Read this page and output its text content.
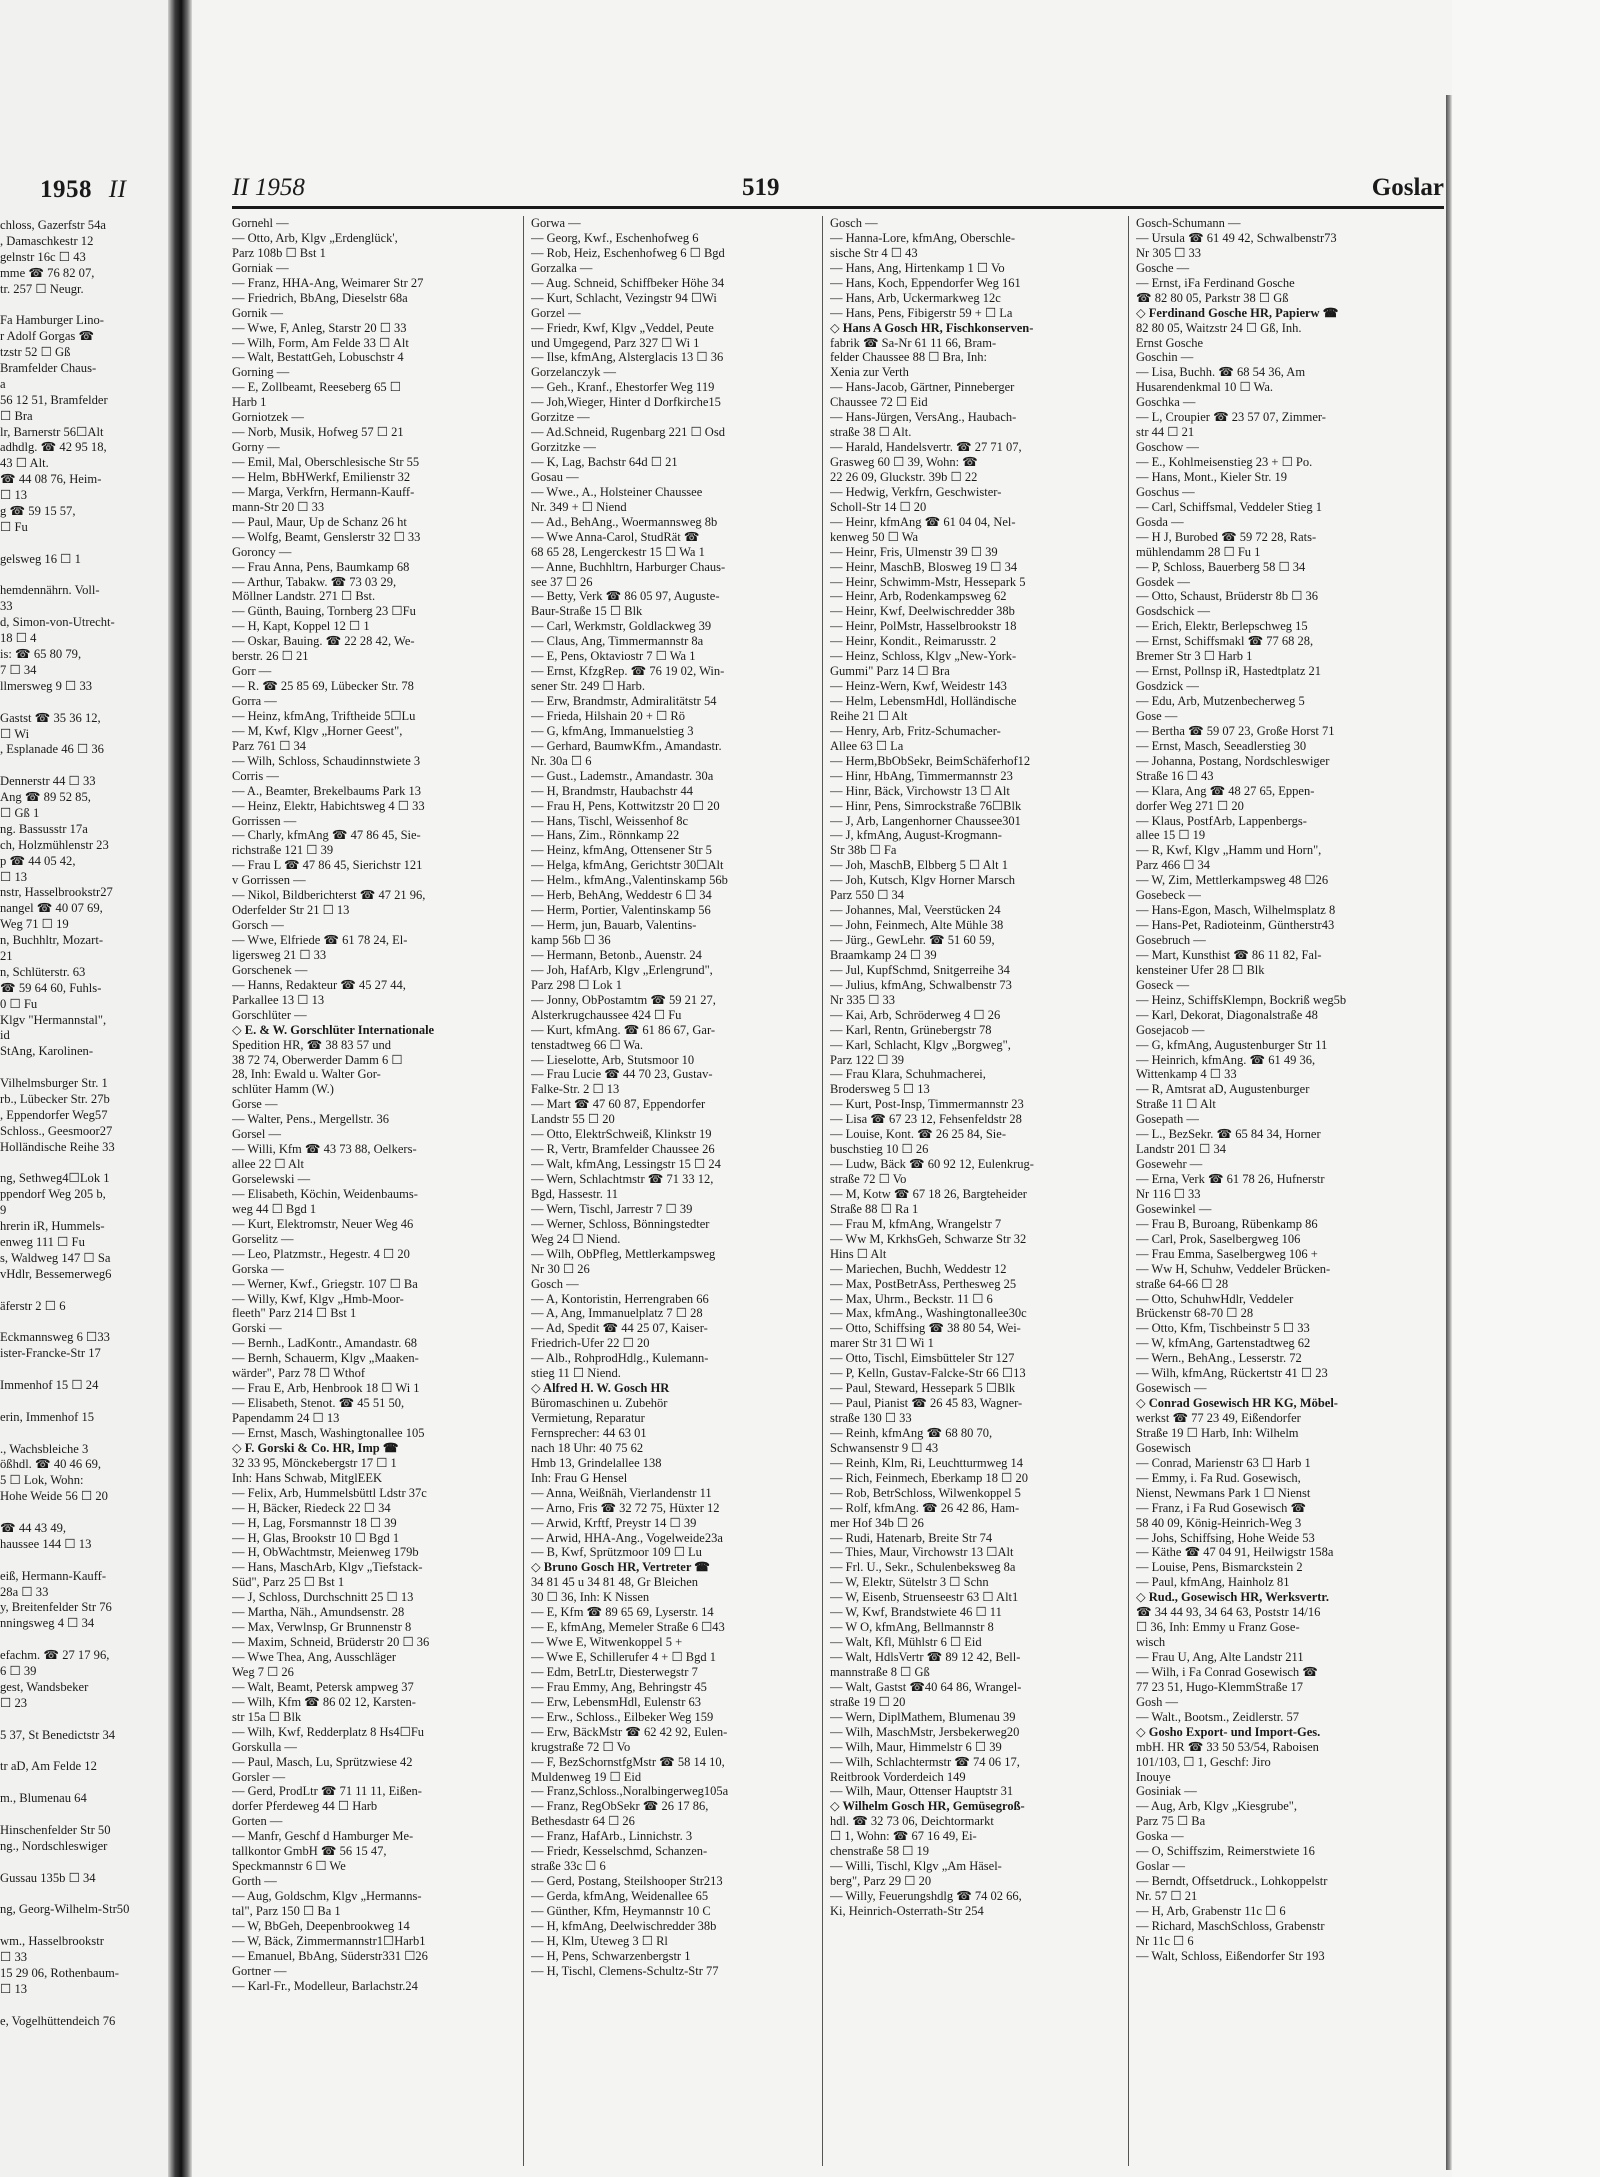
1958 II
chloss, Gazerfstr 54a
, Damaschkestr 12
gelnstr 16c ☐ 43
mme ☎ 76 82 07,
tr. 257 ☐ Neugr.
Fa Hamburger Lino-
r Adolf Gorgas ☎
tzstr 52 ☐ Gß
Bramfelder Chaus-
a
56 12 51, Bramfelder
☐ Bra
lr, Barnerstr 56☐Alt
adhdlg. ☎ 42 95 18,
43 ☐ Alt.
☎ 44 08 76, Heim-
☐ 13
g ☎ 59 15 57,
☐ Fu
gelsweg 16 ☐ 1
hemdennährn. Voll-
33
d, Simon-von-Utrecht-
18 ☐ 4
is: ☎ 65 80 79,
7 ☐ 34
llmersweg 9 ☐ 33
Gastst ☎ 35 36 12,
☐ Wi
, Esplanade 46 ☐ 36
Dennerstr 44 ☐ 33
Ang ☎ 89 52 85,
☐ Gß 1
ng. Bassusstr 17a
ch, Holzmühlenstr 23
p ☎ 44 05 42,
☐ 13
nstr, Hasselbrookstr27
nangel ☎ 40 07 69,
Weg 71 ☐ 19
n, Buchhltr, Mozart-
21
n, Schlüterstr. 63
☎ 59 64 60, Fuhls-
0 ☐ Fu
Klgv "Hermannstal",
id
StAng, Karolinen-
Vilhelmsburger Str. 1
rb., Lübecker Str. 27b
, Eppendorfer Weg57
Schloss., Geesmoor27
Holländische Reihe 33
ng, Sethweg4☐Lok 1
ppendorf Weg 205 b,
9
hrerin iR, Hummels-
enweg 111 ☐ Fu
s, Waldweg 147 ☐ Sa
vHdlr, Bessemerweg6
äferstr 2 ☐ 6
Eckmannsweg 6 ☐33
ister-Francke-Str 17
Immenhof 15 ☐ 24
erin, Immenhof 15
., Wachsbleiche 3
ößhdl. ☎ 40 46 69,
5 ☐ Lok, Wohn:
Hohe Weide 56 ☐ 20
☎ 44 43 49,
haussee 144 ☐ 13
eiß, Hermann-Kauff-
28a ☐ 33
y, Breitenfelder Str 76
nningsweg 4 ☐ 34
efachm. ☎ 27 17 96,
6 ☐ 39
gest, Wandsbeker
☐ 23
5 37, St Benedictstr 34
tr aD, Am Felde 12
m., Blumenau 64
Hinschenfelder Str 50
ng., Nordschleswiger
Gussau 135b ☐ 34
ng, Georg-Wilhelm-Str50
wm., Hasselbrookstr
☐ 33
15 29 06, Rothenbaum-
☐ 13
e, Vogelhüttendeich 76
II 1958	519	Goslar
Gornehl —
— Otto, Arb, Klgv „Erdenglück',
Parz 108b ☐ Bst 1
Gorniak —
— Franz, HHA-Ang, Weimarer Str 27
— Friedrich, BbAng, Dieselstr 68a
Gornik —
— Wwe, F, Anleg, Starstr 20 ☐ 33
— Wilh, Form, Am Felde 33 ☐ Alt
— Walt, BestattGeh, Lobuschstr 4
Gorning —
— E, Zollbeamt, Reeseberg 65 ☐
Harb 1
Gorniotzek —
— Norb, Musik, Hofweg 57 ☐ 21
Gorny —
— Emil, Mal, Oberschlesische Str 55
— Helm, BbHWerkf, Emilienstr 32
— Marga, Verkfrn, Hermann-Kauff-
mann-Str 20 ☐ 33
— Paul, Maur, Up de Schanz 26 ht
— Wolfg, Beamt, Genslerstr 32 ☐ 33
Goroncy —
— Frau Anna, Pens, Baumkamp 68
— Arthur, Tabakw. ☎ 73 03 29,
Möllner Landstr. 271 ☐ Bst.
— Günth, Bauing, Tornberg 23 ☐Fu
— H, Kapt, Koppel 12 ☐ 1
— Oskar, Bauing. ☎ 22 28 42, We-
berstr. 26 ☐ 21
Gorr —
— R. ☎ 25 85 69, Lübecker Str. 78
Gorra —
— Heinz, kfmAng, Triftheide 5☐Lu
— M, Kwf, Klgv „Horner Geest",
Parz 761 ☐ 34
— Wilh, Schloss, Schaudinnstwiete 3
Corris —
— A., Beamter, Brekelbaums Park 13
— Heinz, Elektr, Habichtsweg 4 ☐ 33
Gorrissen —
— Charly, kfmAng ☎ 47 86 45, Sie-
richstraße 121 ☐ 39
— Frau L ☎ 47 86 45, Sierichstr 121
v Gorrissen —
— Nikol, Bildberichterst ☎ 47 21 96,
Oderfelder Str 21 ☐ 13
Gorsch —
— Wwe, Elfriede ☎ 61 78 24, El-
ligersweg 21 ☐ 33
Gorschenek —
— Hanns, Redakteur ☎ 45 27 44,
Parkallee 13 ☐ 13
Gorschlüter —
◇ E. & W. Gorschlüter Internationale
Spedition HR, ☎ 38 83 57 und
38 72 74, Oberwerder Damm 6 ☐
28, Inh: Ewald u. Walter Gor-
schlüter Hamm (W.)
Gorse —
— Walter, Pens., Mergellstr. 36
Gorsel —
— Willi, Kfm ☎ 43 73 88, Oelkers-
allee 22 ☐ Alt
Gorselewski —
— Elisabeth, Köchin, Weidenbaums-
weg 44 ☐ Bgd 1
— Kurt, Elektromstr, Neuer Weg 46
Gorselitz —
— Leo, Platzmstr., Hegestr. 4 ☐ 20
Gorska —
— Werner, Kwf., Griegstr. 107 ☐ Ba
— Willy, Kwf, Klgv „Hmb-Moor-
fleeth" Parz 214 ☐ Bst 1
Gorski —
— Bernh., LadKontr., Amandastr. 68
— Bernh, Schauerm, Klgv „Maaken-
wärder", Parz 78 ☐ Wthof
— Frau E, Arb, Henbrook 18 ☐ Wi 1
— Elisabeth, Stenot. ☎ 45 51 50,
Papendamm 24 ☐ 13
— Ernst, Masch, Washingtonallee 105
◇ F. Gorski & Co. HR, Imp ☎
32 33 95, Mönckebergstr 17 ☐ 1
Inh: Hans Schwab, MitglEEK
— Felix, Arb, Hummelsbüttl Ldstr 37c
— H, Bäcker, Riedeck 22 ☐ 34
— H, Lag, Forsmannstr 18 ☐ 39
— H, Glas, Brookstr 10 ☐ Bgd 1
— H, ObWachtmstr, Meienweg 179b
— Hans, MaschArb, Klgv „Tiefstack-
Süd", Parz 25 ☐ Bst 1
— J, Schloss, Durchschnitt 25 ☐ 13
— Martha, Näh., Amundsenstr. 28
— Max, Verwlnsp, Gr Brunnenstr 8
— Maxim, Schneid, Brüderstr 20 ☐ 36
— Wwe Thea, Ang, Ausschläger
Weg 7 ☐ 26
— Walt, Beamt, Petersk ampweg 37
— Wilh, Kfm ☎ 86 02 12, Karsten-
str 15a ☐ Blk
— Wilh, Kwf, Redderplatz 8 Hs4☐Fu
Gorskulla —
— Paul, Masch, Lu, Sprützwiese 42
Gorsler —
— Gerd, ProdLtr ☎ 71 11 11, Eißen-
dorfer Pferdeweg 44 ☐ Harb
Gorten —
— Manfr, Geschf d Hamburger Me-
tallkontor GmbH ☎ 56 15 47,
Speckmannstr 6 ☐ We
Gorth —
— Aug, Goldschm, Klgv „Hermanns-
tal", Parz 150 ☐ Ba 1
— W, BbGeh, Deepenbrookweg 14
— W, Bäck, Zimmermannstr1☐Harb1
— Emanuel, BbAng, Süderstr331 ☐26
Gortner —
— Karl-Fr., Modelleur, Barlachstr.24
Gorwa —
— Georg, Kwf., Eschenhofweg 6
— Rob, Heiz, Eschenhofweg 6 ☐ Bgd
Gorzalka —
— Aug. Schneid, Schiffbeker Höhe 34
— Kurt, Schlacht, Vezingstr 94 ☐Wi
Gorzel —
— Friedr, Kwf, Klgv „Veddel, Peute
und Umgegend, Parz 327 ☐ Wi 1
— Ilse, kfmAng, Alsterglacis 13 ☐ 36
Gorzelanczyk —
— Geh., Kranf., Ehestorfer Weg 119
— Joh,Wieger, Hinter d Dorfkirche15
Gorzitze —
— Ad.Schneid, Rugenbarg 221 ☐ Osd
Gorzitzke —
— K, Lag, Bachstr 64d ☐ 21
Gosau —
— Wwe., A., Holsteiner Chaussee
Nr. 349 + ☐ Niend
— Ad., BehAng., Woermannsweg 8b
— Wwe Anna-Carol, StudRät ☎
68 65 28, Lengerckestr 15 ☐ Wa 1
— Anne, Buchhltrn, Harburger Chaus-
see 37 ☐ 26
— Betty, Verk ☎ 86 05 97, Auguste-
Baur-Straße 15 ☐ Blk
— Carl, Werkmstr, Goldlackweg 39
— Claus, Ang, Timmermannstr 8a
— E, Pens, Oktaviostr 7 ☐ Wa 1
— Ernst, KfzgRep. ☎ 76 19 02, Win-
sener Str. 249 ☐ Harb.
— Erw, Brandmstr, Admiralitätstr 54
— Frieda, Hilshain 20 + ☐ Rö
— G, kfmAng, Immanuelstieg 3
— Gerhard, BaumwKfm., Amandastr.
Nr. 30a ☐ 6
— Gust., Lademstr., Amandastr. 30a
— H, Brandmstr, Haubachstr 44
— Frau H, Pens, Kottwitzstr 20 ☐ 20
— Hans, Tischl, Weissenhof 8c
— Hans, Zim., Rönnkamp 22
— Heinz, kfmAng, Ottensener Str 5
— Helga, kfmAng, Gerichtstr 30☐Alt
— Helm., kfmAng.,Valentinskamp 56b
— Herb, BehAng, Weddestr 6 ☐ 34
— Herm, Portier, Valentinskamp 56
— Herm, jun, Bauarb, Valentins-
kamp 56b ☐ 36
— Hermann, Betonb., Auenstr. 24
— Joh, HafArb, Klgv „Erlengrund",
Parz 298 ☐ Lok 1
— Jonny, ObPostamtm ☎ 59 21 27,
Alsterkrugchaussee 424 ☐ Fu
— Kurt, kfmAng. ☎ 61 86 67, Gar-
tenstadtweg 66 ☐ Wa.
— Lieselotte, Arb, Stutsmoor 10
— Frau Lucie ☎ 44 70 23, Gustav-
Falke-Str. 2 ☐ 13
— Mart ☎ 47 60 87, Eppendorfer
Landstr 55 ☐ 20
— Otto, ElektrSchweiß, Klinkstr 19
— R, Vertr, Bramfelder Chaussee 26
— Walt, kfmAng, Lessingstr 15 ☐ 24
— Wern, Schlachtmstr ☎ 71 33 12,
Bgd, Hassestr. 11
— Wern, Tischl, Jarrestr 7 ☐ 39
— Werner, Schloss, Bönningstedter
Weg 24 ☐ Niend.
— Wilh, ObPfleg, Mettlerkampsweg
Nr 30 ☐ 26
Gosch —
— A, Kontoristin, Herrengraben 66
— A, Ang, Immanuelplatz 7 ☐ 28
— Ad, Spedit ☎ 44 25 07, Kaiser-
Friedrich-Ufer 22 ☐ 20
— Alb., RohprodHdlg., Kulemann-
stieg 11 ☐ Niend.
◇ Alfred H. W. Gosch HR
Büromaschinen u. Zubehör
Vermietung, Reparatur
Fernsprecher: 44 63 01
nach 18 Uhr: 40 75 62
Hmb 13, Grindelallee 138
Inh: Frau G Hensel
— Anna, Weißnäh, Vierlandenstr 11
— Arno, Fris ☎ 32 72 75, Hüxter 12
— Arwid, Krftf, Preystr 14 ☐ 39
— Arwid, HHA-Ang., Vogelweide23a
— B, Kwf, Sprützmoor 109 ☐ Lu
◇ Bruno Gosch HR, Vertreter ☎
34 81 45 u 34 81 48, Gr Bleichen
30 ☐ 36, Inh: K Nissen
— E, Kfm ☎ 89 65 69, Lyserstr. 14
— E, kfmAng, Memeler Straße 6 ☐43
— Wwe E, Witwenkoppel 5 +
— Wwe E, Schillerufer 4 + ☐ Bgd 1
— Edm, BetrLtr, Diesterwegstr 7
— Frau Emmy, Ang, Behringstr 45
— Erw, LebensmHdl, Eulenstr 63
— Erw., Schloss., Eilbeker Weg 159
— Erw, BäckMstr ☎ 62 42 92, Eulen-
krugstraße 72 ☐ Vo
— F, BezSchornstfgMstr ☎ 58 14 10,
Muldenweg 19 ☐ Eid
— Franz,Schloss.,Noralbingerweg105a
— Franz, RegObSekr ☎ 26 17 86,
Bethesdastr 64 ☐ 26
— Franz, HafArb., Linnichstr. 3
— Friedr, Kesselschmd, Schanzen-
straße 33c ☐ 6
— Gerd, Postang, Steilshooper Str213
— Gerda, kfmAng, Weidenallee 65
— Günther, Kfm, Heymannstr 10 C
— H, kfmAng, Deelwischredder 38b
— H, Klm, Uteweg 3 ☐ Rl
— H, Pens, Schwarzenbergstr 1
— H, Tischl, Clemens-Schultz-Str 77
Gosch —
— Hanna-Lore, kfmAng, Oberschle-
sische Str 4 ☐ 43
— Hans, Ang, Hirtenkamp 1 ☐ Vo
— Hans, Koch, Eppendorfer Weg 161
— Hans, Arb, Uckermarkweg 12c
— Hans, Pens, Fibigerstr 59 + ☐ La
◇ Hans A Gosch HR, Fischkonserven-
fabrik ☎ Sa-Nr 61 11 66, Bram-
felder Chaussee 88 ☐ Bra, Inh:
Xenia zur Verth
— Hans-Jacob, Gärtner, Pinneberger
Chaussee 72 ☐ Eid
— Hans-Jürgen, VersAng., Haubach-
straße 38 ☐ Alt.
— Harald, Handelsvertr. ☎ 27 71 07,
Grasweg 60 ☐ 39, Wohn: ☎
22 26 09, Gluckstr. 39b ☐ 22
— Hedwig, Verkfrn, Geschwister-
Scholl-Str 14 ☐ 20
— Heinr, kfmAng ☎ 61 04 04, Nel-
kenweg 50 ☐ Wa
— Heinr, Fris, Ulmenstr 39 ☐ 39
— Heinr, MaschB, Blosweg 19 ☐ 34
— Heinr, Schwimm-Mstr, Hessepark 5
— Heinr, Arb, Rodenkampsweg 62
— Heinr, Kwf, Deelwischredder 38b
— Heinr, PolMstr, Hasselbrookstr 18
— Heinr, Kondit., Reimarusstr. 2
— Heinz, Schloss, Klgv „New-York-
Gummi" Parz 14 ☐ Bra
— Heinz-Wern, Kwf, Weidestr 143
— Helm, LebensmHdl, Holländische
Reihe 21 ☐ Alt
— Henry, Arb, Fritz-Schumacher-
Allee 63 ☐ La
— Herm,BbObSekr, BeimSchäferhof12
— Hinr, HbAng, Timmermannstr 23
— Hinr, Bäck, Virchowstr 13 ☐ Alt
— Hinr, Pens, Simrockstraße 76☐Blk
— J, Arb, Langenhorner Chaussee301
— J, kfmAng, August-Krogmann-
Str 38b ☐ Fa
— Joh, MaschB, Elbberg 5 ☐ Alt 1
— Joh, Kutsch, Klgv Horner Marsch
Parz 550 ☐ 34
— Johannes, Mal, Veerstücken 24
— John, Feinmech, Alte Mühle 38
— Jürg., GewLehr. ☎ 51 60 59,
Braamkamp 24 ☐ 39
— Jul, KupfSchmd, Snitgerreihe 34
— Julius, kfmAng, Schwalbenstr 73
Nr 335 ☐ 33
— Kai, Arb, Schröderweg 4 ☐ 26
— Karl, Rentn, Grünebergstr 78
— Karl, Schlacht, Klgv „Borgweg",
Parz 122 ☐ 39
— Frau Klara, Schuhmacherei,
Brodersweg 5 ☐ 13
— Kurt, Post-Insp, Timmermannstr 23
— Lisa ☎ 67 23 12, Fehsenfeldstr 28
— Louise, Kont. ☎ 26 25 84, Sie-
buschstieg 10 ☐ 26
— Ludw, Bäck ☎ 60 92 12, Eulenkrug-
straße 72 ☐ Vo
— M, Kotw ☎ 67 18 26, Bargteheider
Straße 88 ☐ Ra 1
— Frau M, kfmAng, Wrangelstr 7
— Ww M, KrkhsGeh, Schwarze Str 32
Hins ☐ Alt
— Mariechen, Buchh, Weddestr 12
— Max, PostBetrAss, Perthesweg 25
— Max, Uhrm., Beckstr. 11 ☐ 6
— Max, kfmAng., Washingtonallee30c
— Otto, Schiffsing ☎ 38 80 54, Wei-
marer Str 31 ☐ Wi 1
— Otto, Tischl, Eimsbütteler Str 127
— P, Kelln, Gustav-Falcke-Str 66 ☐13
— Paul, Steward, Hessepark 5 ☐Blk
— Paul, Pianist ☎ 26 45 83, Wagner-
straße 130 ☐ 33
— Reinh, kfmAng ☎ 68 80 70,
Schwansenstr 9 ☐ 43
— Reinh, Klm, Ri, Leuchtturmweg 14
— Rich, Feinmech, Eberkamp 18 ☐ 20
— Rob, BetrSchloss, Wilwenkoppel 5
— Rolf, kfmAng. ☎ 26 42 86, Ham-
mer Hof 34b ☐ 26
— Rudi, Hatenarb, Breite Str 74
— Thies, Maur, Virchowstr 13 ☐Alt
— Frl. U., Sekr., Schulenbeksweg 8a
— W, Elektr, Sütelstr 3 ☐ Schn
— W, Eisenb, Struenseestr 63 ☐ Alt1
— W, Kwf, Brandstwiete 46 ☐ 11
— W O, kfmAng, Bellmannstr 8
— Walt, Kfl, Mühlstr 6 ☐ Eid
— Walt, HdlsVertr ☎ 89 12 42, Bell-
mannstraße 8 ☐ Gß
— Walt, Gastst ☎40 64 86, Wrangel-
straße 19 ☐ 20
— Wern, DiplMathem, Blumenau 39
— Wilh, MaschMstr, Jersbekerweg20
— Wilh, Maur, Himmelstr 6 ☐ 39
— Wilh, Schlachtermstr ☎ 74 06 17,
Reitbrook Vorderdeich 149
— Wilh, Maur, Ottenser Hauptstr 31
◇ Wilhelm Gosch HR, Gemüsegroß-
hdl. ☎ 32 73 06, Deichtormarkt
☐ 1, Wohn: ☎ 67 16 49, Ei-
chenstraße 58 ☐ 19
— Willi, Tischl, Klgv „Am Häsel-
berg", Parz 29 ☐ 20
— Willy, Feuerungshdlg ☎ 74 02 66,
Ki, Heinrich-Osterrath-Str 254
Gosch-Schumann —
— Ursula ☎ 61 49 42, Schwalbenstr73
Nr 305 ☐ 33
Gosche —
— Ernst, iFa Ferdinand Gosche
☎ 82 80 05, Parkstr 38 ☐ Gß
◇ Ferdinand Gosche HR, Papierw ☎
82 80 05, Waitzstr 24 ☐ Gß, Inh.
Ernst Gosche
Goschin —
— Lisa, Buchh. ☎ 68 54 36, Am
Husarendenkmal 10 ☐ Wa.
Goschka —
— L, Croupier ☎ 23 57 07, Zimmer-
str 44 ☐ 21
Goschow —
— E., Kohlmeisenstieg 23 + ☐ Po.
— Hans, Mont., Kieler Str. 19
Goschus —
— Carl, Schiffsmal, Veddeler Stieg 1
Gosda —
— H J, Burobed ☎ 59 72 28, Rats-
mühlendamm 28 ☐ Fu 1
— P, Schloss, Bauerberg 58 ☐ 34
Gosdek —
— Otto, Schaust, Brüderstr 8b ☐ 36
Gosdschick —
— Erich, Elektr, Berlepschweg 15
— Ernst, Schiffsmakl ☎ 77 68 28,
Bremer Str 3 ☐ Harb 1
— Ernst, Pollnsp iR, Hastedtplatz 21
Gosdzick —
— Edu, Arb, Mutzenbecherweg 5
Gose —
— Bertha ☎ 59 07 23, Große Horst 71
— Ernst, Masch, Seeadlerstieg 30
— Johanna, Postang, Nordschleswiger
Straße 16 ☐ 43
— Klara, Ang ☎ 48 27 65, Eppen-
dorfer Weg 271 ☐ 20
— Klaus, PostfArb, Lappenbergs-
allee 15 ☐ 19
— R, Kwf, Klgv „Hamm und Horn",
Parz 466 ☐ 34
— W, Zim, Mettlerkampsweg 48 ☐26
Gosebeck —
— Hans-Egon, Masch, Wilhelmsplatz 8
— Hans-Pet, Radioteinm, Güntherstr43
Gosebruch —
— Mart, Kunsthist ☎ 86 11 82, Fal-
kensteiner Ufer 28 ☐ Blk
Goseck —
— Heinz, SchiffsKlempn, Bockriß weg5b
— Karl, Dekorat, Diagonalstraße 48
Gosejacob —
— G, kfmAng, Augustenburger Str 11
— Heinrich, kfmAng. ☎ 61 49 36,
Wittenkamp 4 ☐ 33
— R, Amtsrat aD, Augustenburger
Straße 11 ☐ Alt
Gosepath —
— L., BezSekr. ☎ 65 84 34, Horner
Landstr 201 ☐ 34
Gosewehr —
— Erna, Verk ☎ 61 78 26, Hufnerstr
Nr 116 ☐ 33
Gosewinkel —
— Frau B, Buroang, Rübenkamp 86
— Carl, Prok, Saselbergweg 106
— Frau Emma, Saselbergweg 106 +
— Ww H, Schuhw, Veddeler Brücken-
straße 64-66 ☐ 28
— Otto, SchuhwHdlr, Veddeler
Brückenstr 68-70 ☐ 28
— Otto, Kfm, Tischbeinstr 5 ☐ 33
— W, kfmAng, Gartenstadtweg 62
— Wern., BehAng., Lesserstr. 72
— Wilh, kfmAng, Rückertstr 41 ☐ 23
Gosewisch —
◇ Conrad Gosewisch HR KG, Möbel-
werkst ☎ 77 23 49, Eißendorfer
Straße 19 ☐ Harb, Inh: Wilhelm
Gosewisch
— Conrad, Marienstr 63 ☐ Harb 1
— Emmy, i. Fa Rud. Gosewisch,
Nienst, Newmans Park 1 ☐ Nienst
— Franz, i Fa Rud Gosewisch ☎
58 40 09, König-Heinrich-Weg 3
— Johs, Schiffsing, Hohe Weide 53
— Käthe ☎ 47 04 91, Heilwigstr 158a
— Louise, Pens, Bismarckstein 2
— Paul, kfmAng, Hainholz 81
◇ Rud., Gosewisch HR, Werksvertr.
☎ 34 44 93, 34 64 63, Poststr 14/16
☐ 36, Inh: Emmy u Franz Gose-
wisch
— Frau U, Ang, Alte Landstr 211
— Wilh, i Fa Conrad Gosewisch ☎
77 23 51, Hugo-KlemmStraße 17
Gosh —
— Walt., Bootsm., Zeidlerstr. 57
◇ Gosho Export- und Import-Ges.
mbH. HR ☎ 33 50 53/54, Raboisen
101/103, ☐ 1, Geschf: Jiro
Inouye
Gosiniak —
— Aug, Arb, Klgv „Kiesgrube",
Parz 75 ☐ Ba
Goska —
— O, Schiffszim, Reimerstwiete 16
Goslar —
— Berndt, Offsetdruck., Lohkoppelstr
Nr. 57 ☐ 21
— H, Arb, Grabenstr 11c ☐ 6
— Richard, MaschSchloss, Grabenstr
Nr 11c ☐ 6
— Walt, Schloss, Eißendorfer Str 193
